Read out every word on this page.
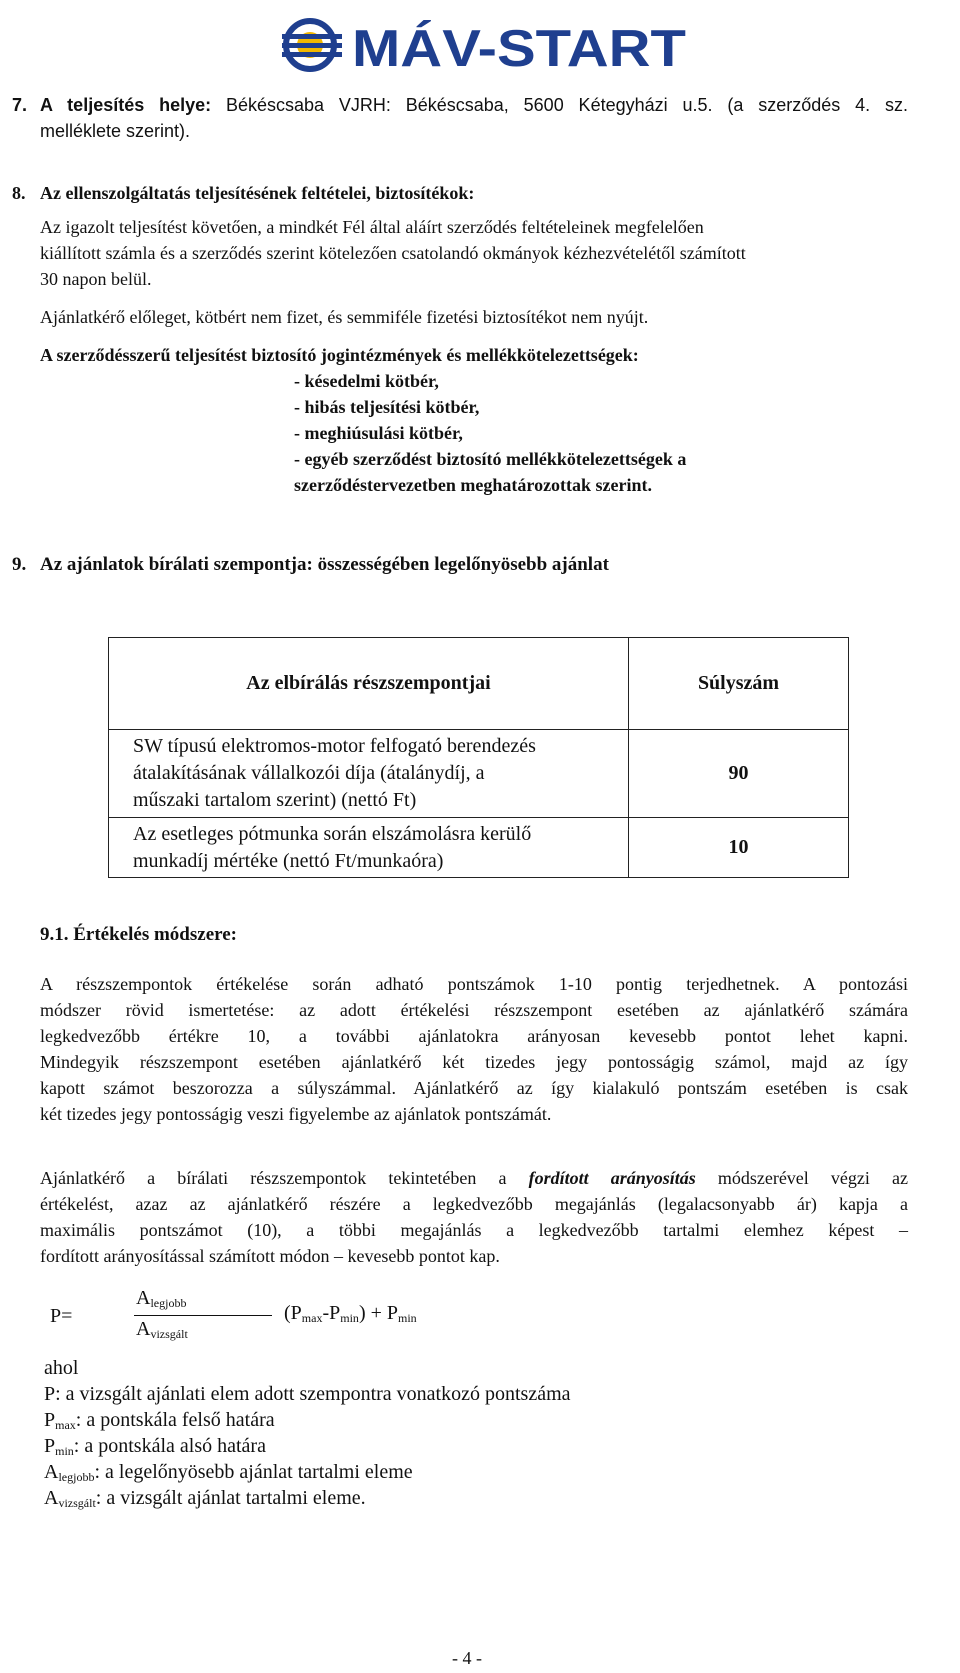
MÁV-START
7. A teljesítés helye: Békéscsaba VJRH: Békéscsaba, 5600 Kétegyházi u.5. (a szerződés 4. sz.
melléklete szerint).
8. Az ellenszolgáltatás teljesítésének feltételei, biztosítékok:
Az igazolt teljesítést követően, a mindkét Fél által aláírt szerződés feltételeinek megfelelően
kiállított számla és a szerződés szerint kötelezően csatolandó okmányok kézhezvételétől számított
30 napon belül.
Ajánlatkérő előleget, kötbért nem fizet, és semmiféle fizetési biztosítékot nem nyújt.
A szerződésszerű teljesítést biztosító jogintézmények és mellékkötelezettségek:
- késedelmi kötbér,
- hibás teljesítési kötbér,
- meghiúsulási kötbér,
- egyéb szerződést biztosító mellékkötelezettségek a
szerződéstervezetben meghatározottak szerint.
9. Az ajánlatok bírálati szempontja: összességében legelőnyösebb ajánlat
Az elbírálás részszempontjai	Súlyszám

SW típusú elektromos-motor felfogató berendezés
átalakításának vállalkozói díja (átalánydíj, a
műszaki tartalom szerint) (nettó Ft)	90

Az esetleges pótmunka során elszámolásra kerülő
munkadíj mértéke (nettó Ft/munkaóra)	10
9.1. Értékelés módszere:
A részszempontok értékelése során adható pontszámok 1-10 pontig terjedhetnek. A pontozási
módszer rövid ismertetése: az adott értékelési részszempont esetében az ajánlatkérő számára
legkedvezőbb értékre 10, a további ajánlatokra arányosan kevesebb pontot lehet kapni.
Mindegyik részszempont esetében ajánlatkérő két tizedes jegy pontosságig számol, majd az így
kapott számot beszorozza a súlyszámmal. Ajánlatkérő az így kialakuló pontszám esetében is csak
két tizedes jegy pontosságig veszi figyelembe az ajánlatok pontszámát.
Ajánlatkérő a bírálati részszempontok tekintetében a fordított arányosítás módszerével végzi az
értékelést, azaz az ajánlatkérő részére a legkedvezőbb megajánlás (legalacsonyabb ár) kapja a
maximális pontszámot (10), a többi megajánlás a legkedvezőbb tartalmi elemhez képest –
fordított arányosítással számított módon – kevesebb pontot kap.
P=
$A_{legjobb}$
$A_{vizsgált}$
$(P_{max}-P_{min}) + P_{min}$
ahol
P: a vizsgált ajánlati elem adott szempontra vonatkozó pontszáma
$P_{max}$: a pontskála felső határa
$P_{min}$: a pontskála alsó határa
$A_{legjobb}$: a legelőnyösebb ajánlat tartalmi eleme
$A_{vizsgált}$: a vizsgált ajánlat tartalmi eleme.
- 4 -
